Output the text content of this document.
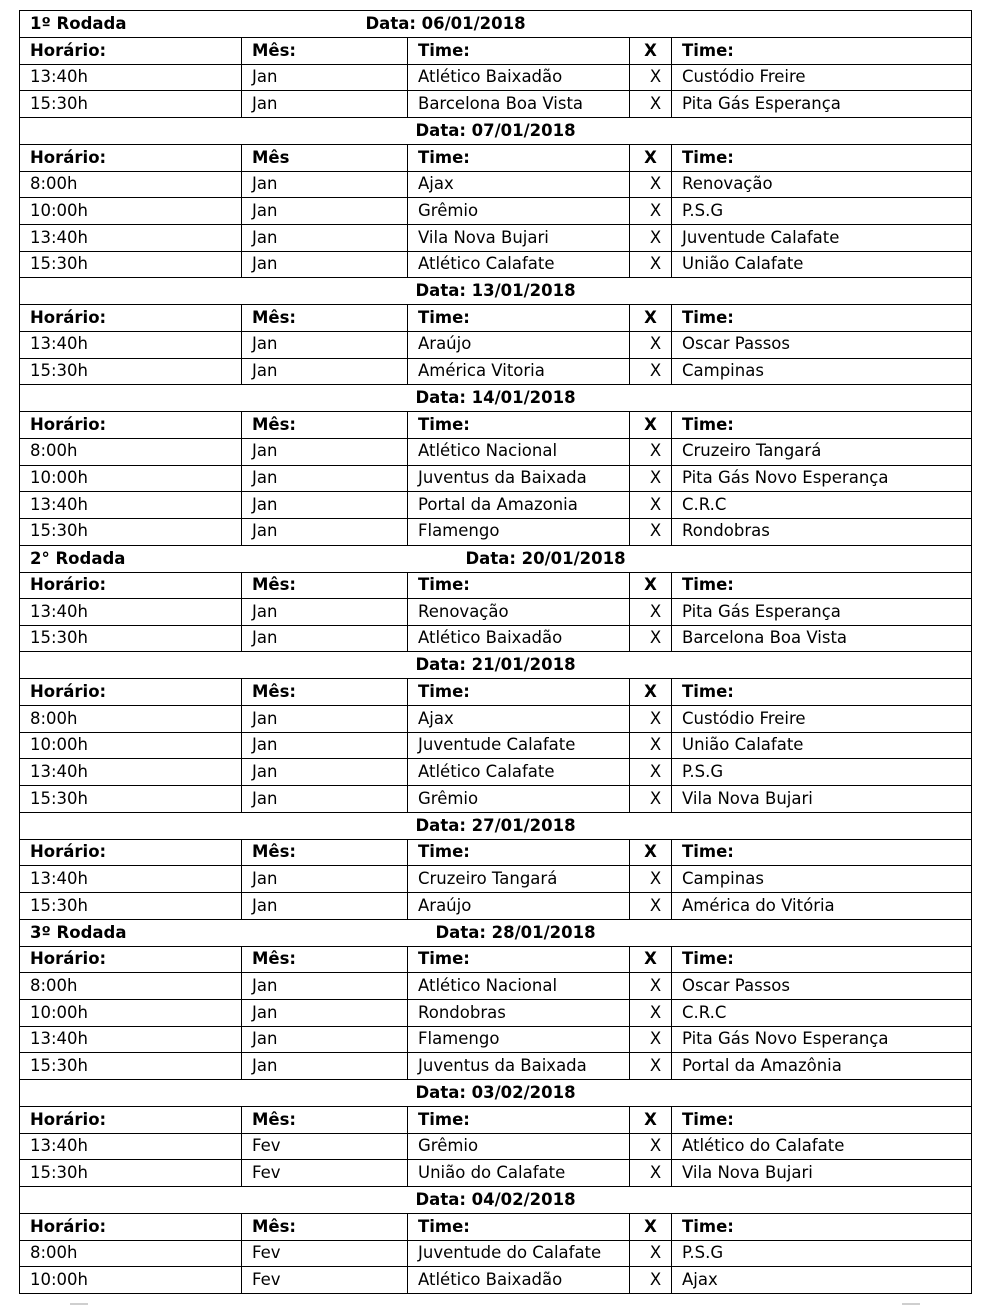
1º Rodada Data: 06/01/2018				

Horário:	Mês:	Time:	X	Time:
13:40h	Jan	Atlético Baixadão	X	Custódio Freire
15:30h	Jan	Barcelona Boa Vista	X	Pita Gás Esperança

Data: 07/01/2018				

Horário:	Mês	Time:	X	Time:
8:00h	Jan	Ajax	X	Renovação
10:00h	Jan	Grêmio	X	P.S.G
13:40h	Jan	Vila Nova Bujari	X	Juventude Calafate
15:30h	Jan	Atlético Calafate	X	União Calafate

Data: 13/01/2018				

Horário:	Mês:	Time:	X	Time:
13:40h	Jan	Araújo	X	Oscar Passos
15:30h	Jan	América Vitoria	X	Campinas

Data: 14/01/2018				

Horário:	Mês:	Time:	X	Time:
8:00h	Jan	Atlético Nacional	X	Cruzeiro Tangará
10:00h	Jan	Juventus da Baixada	X	Pita Gás Novo Esperança
13:40h	Jan	Portal da Amazonia	X	C.R.C
15:30h	Jan	Flamengo	X	Rondobras

2° Rodada Data: 20/01/2018				

Horário:	Mês:	Time:	X	Time:
13:40h	Jan	Renovação	X	Pita Gás Esperança
15:30h	Jan	Atlético Baixadão	X	Barcelona Boa Vista

Data: 21/01/2018				

Horário:	Mês:	Time:	X	Time:
8:00h	Jan	Ajax	X	Custódio Freire
10:00h	Jan	Juventude Calafate	X	União Calafate
13:40h	Jan	Atlético Calafate	X	P.S.G
15:30h	Jan	Grêmio	X	Vila Nova Bujari

Data: 27/01/2018				

Horário:	Mês:	Time:	X	Time:
13:40h	Jan	Cruzeiro Tangará	X	Campinas
15:30h	Jan	Araújo	X	América do Vitória

3º Rodada Data: 28/01/2018				

Horário:	Mês:	Time:	X	Time:
8:00h	Jan	Atlético Nacional	X	Oscar Passos
10:00h	Jan	Rondobras	X	C.R.C
13:40h	Jan	Flamengo	X	Pita Gás Novo Esperança
15:30h	Jan	Juventus da Baixada	X	Portal da Amazônia

Data: 03/02/2018				

Horário:	Mês:	Time:	X	Time:
13:40h	Fev	Grêmio	X	Atlético do Calafate
15:30h	Fev	União do Calafate	X	Vila Nova Bujari

Data: 04/02/2018				

Horário:	Mês:	Time:	X	Time:
8:00h	Fev	Juventude do Calafate	X	P.S.G
10:00h	Fev	Atlético Baixadão	X	Ajax
